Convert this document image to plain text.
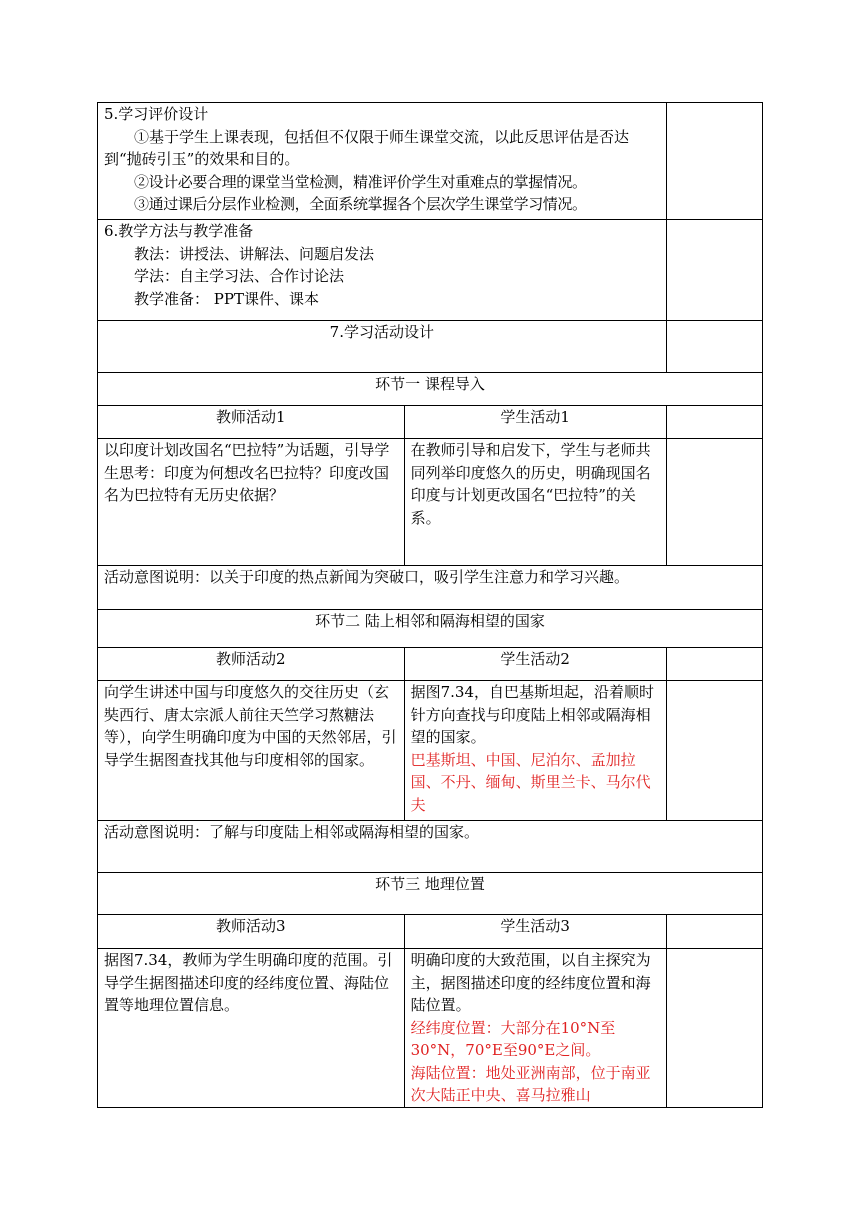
5.学习评价设计

①基于学生上课表现，包括但不仅限于师生课堂交流，以此反思评估是否达到“抛砖引玉”的效果和目的。

②设计必要合理的课堂当堂检测，精准评价学生对重难点的掌握情况。

③通过课后分层作业检测，全面系统掌握各个层次学生课堂学习情况。		

6.教学方法与教学准备

教法：讲授法、讲解法、问题启发法

学法：自主学习法、合作讨论法

教学准备： PPT课件、课本		

7.学习活动设计		
环节一 课程导入		
教师活动1	学生活动1	
以印度计划改国名“巴拉特”为话题，引导学生思考：印度为何想改名巴拉特？印度改国名为巴拉特有无历史依据？	在教师引导和启发下，学生与老师共同列举印度悠久的历史，明确现国名印度与计划更改国名“巴拉特”的关系。	
活动意图说明：以关于印度的热点新闻为突破口，吸引学生注意力和学习兴趣。		
环节二 陆上相邻和隔海相望的国家		
教师活动2	学生活动2	
向学生讲述中国与印度悠久的交往历史（玄奘西行、唐太宗派人前往天竺学习熬糖法等），向学生明确印度为中国的天然邻居，引导学生据图查找其他与印度相邻的国家。	据图7.34，自巴基斯坦起，沿着顺时针方向查找与印度陆上相邻或隔海相望的国家。

巴基斯坦、中国、尼泊尔、孟加拉国、不丹、缅甸、斯里兰卡、马尔代夫	

活动意图说明：了解与印度陆上相邻或隔海相望的国家。		
环节三 地理位置		
教师活动3	学生活动3	
据图7.34，教师为学生明确印度的范围。引导学生据图描述印度的经纬度位置、海陆位置等地理位置信息。	明确印度的大致范围，以自主探究为主，据图描述印度的经纬度位置和海陆位置。

经纬度位置：大部分在10°N至30°N，70°E至90°E之间。

海陆位置：地处亚洲南部，位于南亚次大陆正中央、喜马拉雅山	
